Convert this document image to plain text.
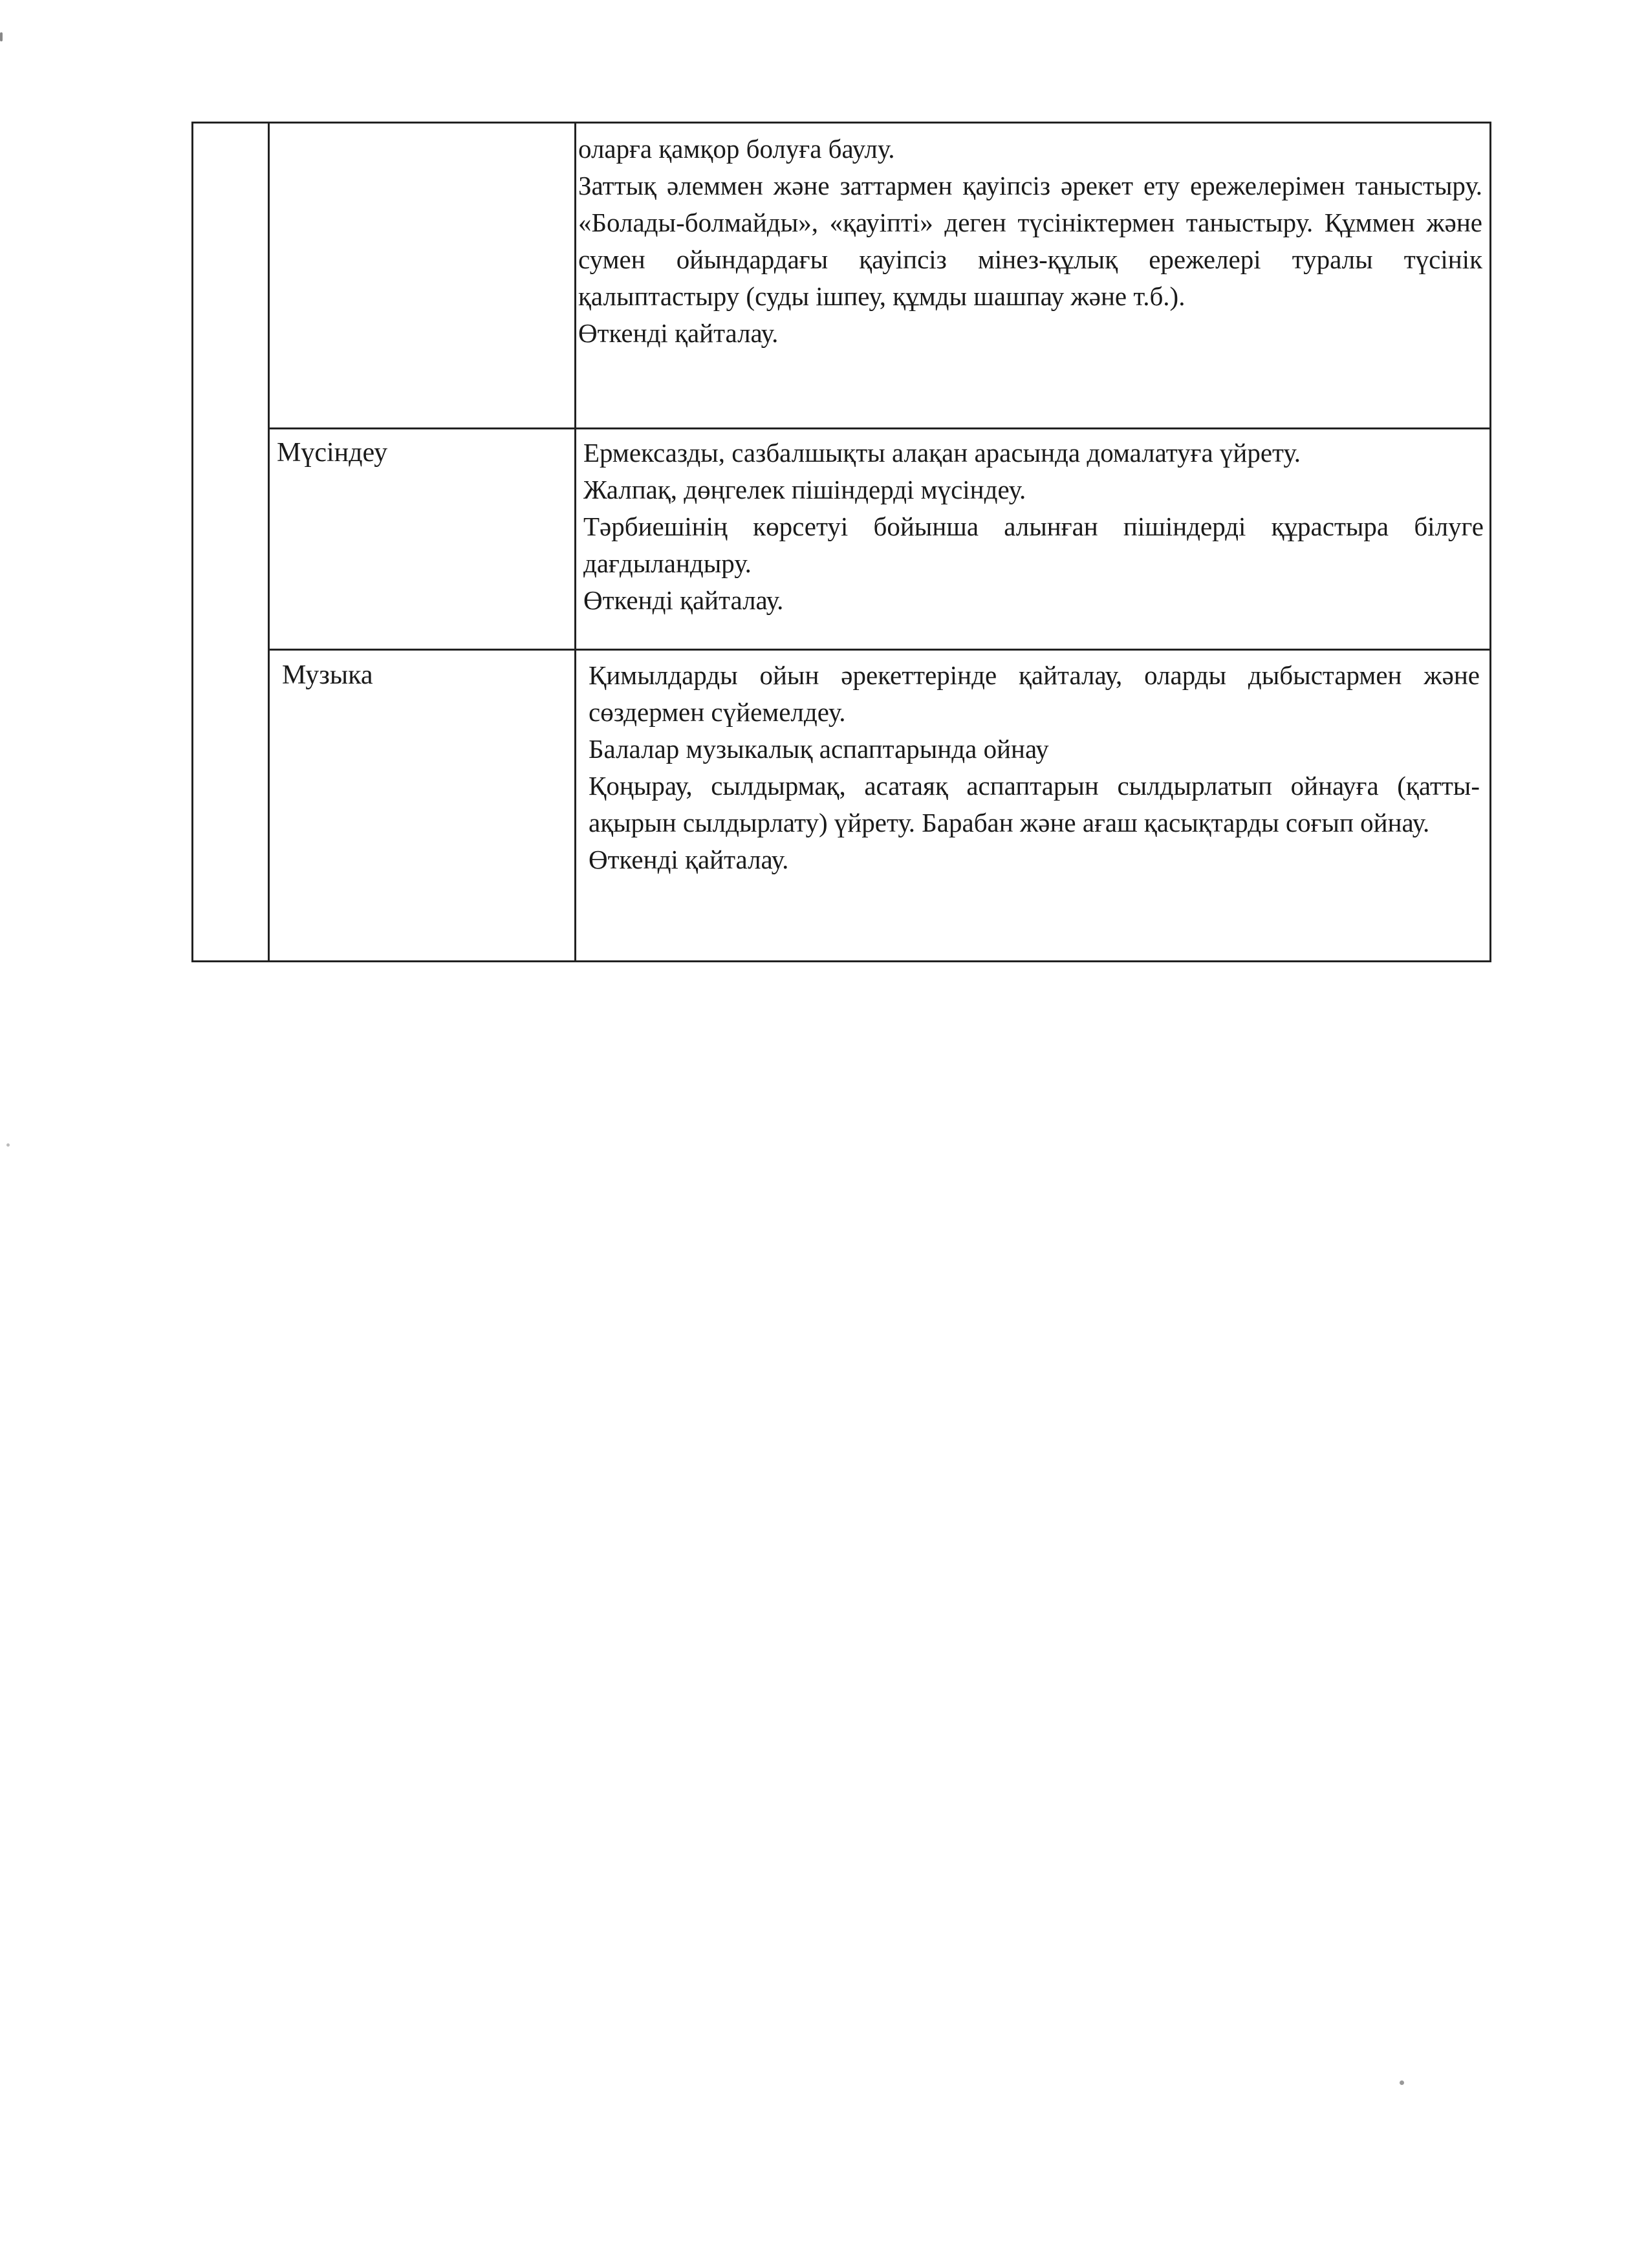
оларға қамқор болуға баулу.
Заттық әлеммен және заттармен қауіпсіз әрекет ету ережелерімен таныстыру. «Болады-болмайды», «қауіпті» деген түсініктермен таныстыру. Құммен және сумен ойындардағы қауіпсіз мінез-құлық ережелері туралы түсінік қалыптастыру (суды ішпеу, құмды шашпау және т.б.).
Өткенді қайталау.
Мүсіндеу	Ермексазды, сазбалшықты алақан арасында домалатуға үйрету.
Жалпақ, дөңгелек пішіндерді мүсіндеу.
Тәрбиешінің көрсетуі бойынша алынған пішіндерді құрастыра білуге дағдыландыру.
Өткенді қайталау.
Музыка	Қимылдарды ойын әрекеттерінде қайталау, оларды дыбыстармен және сөздермен сүйемелдеу.
Балалар музыкалық аспаптарында ойнау
Қоңырау, сылдырмақ, асатаяқ аспаптарын сылдырлатып ойнауға (қатты-ақырын сылдырлату) үйрету. Барабан және ағаш қасықтарды соғып ойнау.
Өткенді қайталау.
